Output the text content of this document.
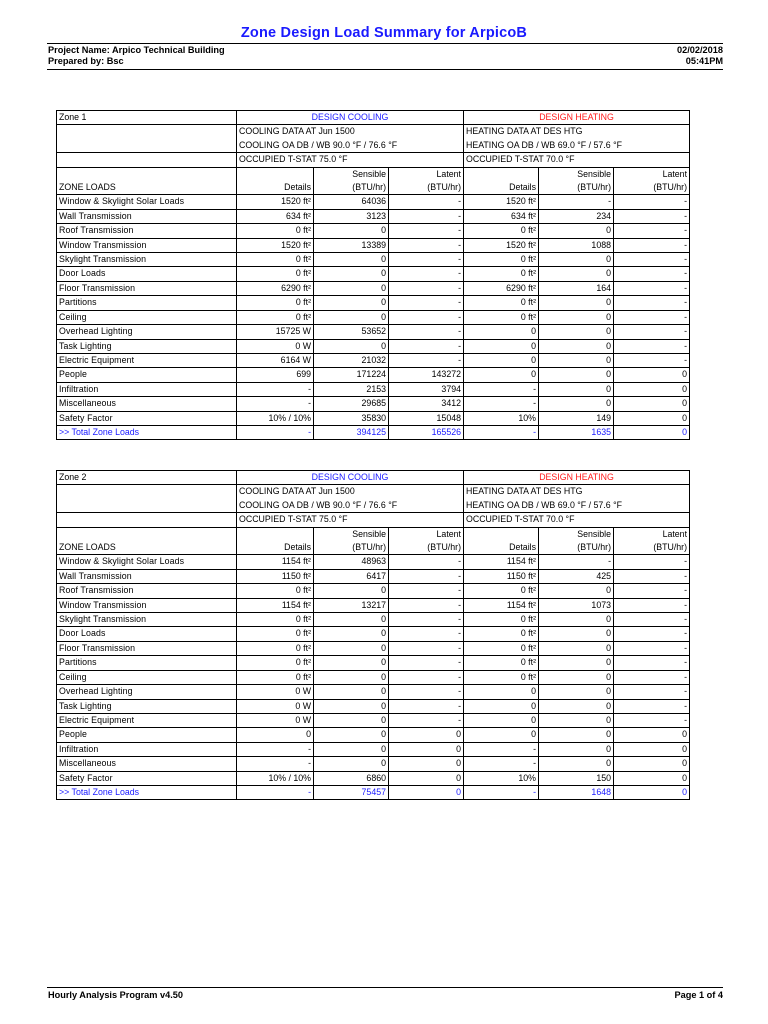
Zone Design Load Summary for ArpicoB
Project Name: Arpico Technical Building
Prepared by: Bsc
02/02/2018
05:41PM
Zone 1	DESIGN COOLING			DESIGN HEATING		
	COOLING DATA AT Jun 1500			HEATING DATA AT DES HTG		
	COOLING OA DB / WB 90.0 °F / 76.6 °F			HEATING OA DB / WB 69.0 °F / 57.6 °F		
	OCCUPIED T-STAT 75.0 °F			OCCUPIED T-STAT 70.0 °F		
		Sensible	Latent		Sensible	Latent
ZONE LOADS	Details	(BTU/hr)	(BTU/hr)	Details	(BTU/hr)	(BTU/hr)
Window & Skylight Solar Loads	1520 ft²	64036	-	1520 ft²	-	-
Wall Transmission	634 ft²	3123	-	634 ft²	234	-
Roof Transmission	0 ft²	0	-	0 ft²	0	-
Window Transmission	1520 ft²	13389	-	1520 ft²	1088	-
Skylight Transmission	0 ft²	0	-	0 ft²	0	-
Door Loads	0 ft²	0	-	0 ft²	0	-
Floor Transmission	6290 ft²	0	-	6290 ft²	164	-
Partitions	0 ft²	0	-	0 ft²	0	-
Ceiling	0 ft²	0	-	0 ft²	0	-
Overhead Lighting	15725 W	53652	-	0	0	-
Task Lighting	0 W	0	-	0	0	-
Electric Equipment	6164 W	21032	-	0	0	-
People	699	171224	143272	0	0	0
Infiltration	-	2153	3794	-	0	0
Miscellaneous	-	29685	3412	-	0	0
Safety Factor	10% / 10%	35830	15048	10%	149	0
>> Total Zone Loads	-	394125	165526	-	1635	0
Zone 2	DESIGN COOLING			DESIGN HEATING		
	COOLING DATA AT Jun 1500			HEATING DATA AT DES HTG		
	COOLING OA DB / WB 90.0 °F / 76.6 °F			HEATING OA DB / WB 69.0 °F / 57.6 °F		
	OCCUPIED T-STAT 75.0 °F			OCCUPIED T-STAT 70.0 °F		
		Sensible	Latent		Sensible	Latent
ZONE LOADS	Details	(BTU/hr)	(BTU/hr)	Details	(BTU/hr)	(BTU/hr)
Window & Skylight Solar Loads	1154 ft²	48963	-	1154 ft²	-	-
Wall Transmission	1150 ft²	6417	-	1150 ft²	425	-
Roof Transmission	0 ft²	0	-	0 ft²	0	-
Window Transmission	1154 ft²	13217	-	1154 ft²	1073	-
Skylight Transmission	0 ft²	0	-	0 ft²	0	-
Door Loads	0 ft²	0	-	0 ft²	0	-
Floor Transmission	0 ft²	0	-	0 ft²	0	-
Partitions	0 ft²	0	-	0 ft²	0	-
Ceiling	0 ft²	0	-	0 ft²	0	-
Overhead Lighting	0 W	0	-	0	0	-
Task Lighting	0 W	0	-	0	0	-
Electric Equipment	0 W	0	-	0	0	-
People	0	0	0	0	0	0
Infiltration	-	0	0	-	0	0
Miscellaneous	-	0	0	-	0	0
Safety Factor	10% / 10%	6860	0	10%	150	0
>> Total Zone Loads	-	75457	0	-	1648	0
Hourly Analysis Program v4.50	Page 1 of 4
